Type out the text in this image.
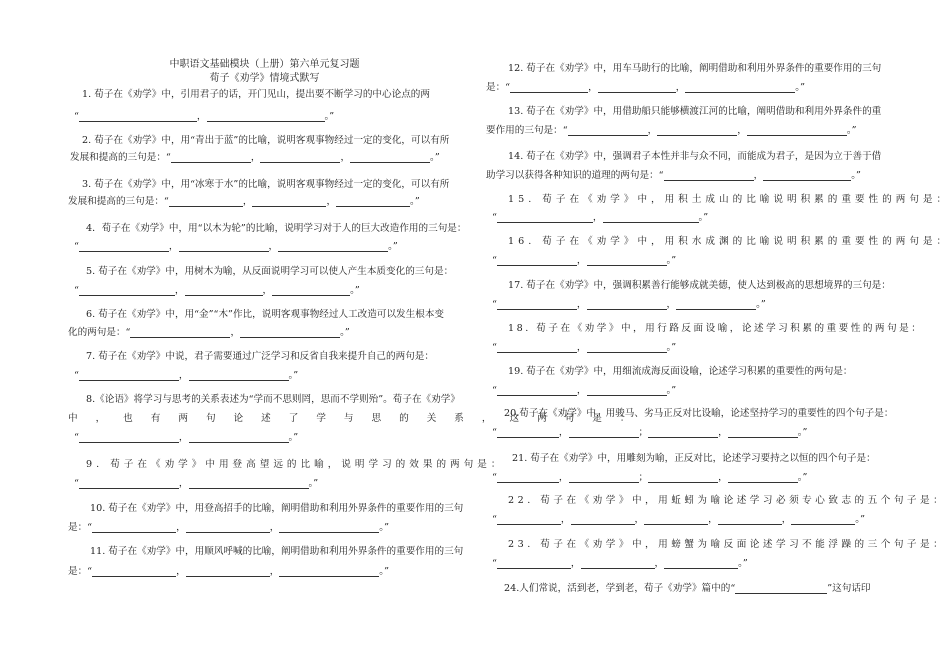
中职语文基础模块（上册）第六单元复习题
荀子《劝学》情境式默写
1. 荀子在《劝学》中，引用君子的话，开门见山，提出要不断学习的中心论点的两
“	，	。”
2. 荀子在《劝学》中，用“青出于蓝”的比喻，说明客观事物经过一定的变化，可以有所
发展和提高的三句是：“	，	，	。”
3. 荀子在《劝学》中，用“冰寒于水”的比喻，说明客观事物经过一定的变化，可以有所
发展和提高的三句是：“	，	，	。”
4．荀子在《劝学》中，用“以木为轮”的比喻，说明学习对于人的巨大改造作用的三句是：
“	，	，	。”
5. 荀子在《劝学》中，用树木为喻，从反面说明学习可以使人产生本质变化的三句是：
“	，	，	。”
6. 荀子在《劝学》中，用“金”“木”作比，说明客观事物经过人工改造可以发生根本变
化的两句是：“	，	。”
7. 荀子在《劝学》中说，君子需要通过广泛学习和反省自我来提升自己的两句是：
“	，	。”
8.《论语》将学习与思考的关系表述为“学而不思则罔，思而不学则殆”。荀子在《劝学》
中，也有两句论述了学与思的关系，这两句是：
“	，	。”
9. 荀子在《劝学》中用登高望远的比喻，说明学习的效果的两句是：
“	，	。”
10. 荀子在《劝学》中，用登高招手的比喻，阐明借助和利用外界条件的重要作用的三句
是：“	，	，	。”
11. 荀子在《劝学》中，用顺风呼喊的比喻，阐明借助和利用外界条件的重要作用的三句
是：“	，	，	。”
12. 荀子在《劝学》中，用车马助行的比喻，阐明借助和利用外界条件的重要作用的三句
是：“	，	，	。”
13. 荀子在《劝学》中，用借助船只能够横渡江河的比喻，阐明借助和利用外界条件的重
要作用的三句是：“	，	，	。”
14. 荀子在《劝学》中，强调君子本性并非与众不同，而能成为君子，是因为立于善于借
助学习以获得各种知识的道理的两句是：“	，	。”
15. 荀子在《劝学》中，用积土成山的比喻说明积累的重要性的两句是：
“	，	。”
16. 荀子在《劝学》中，用积水成渊的比喻说明积累的重要性的两句是：
“	，	。”
17. 荀子在《劝学》中，强调积累善行能够成就美德，使人达到极高的思想境界的三句是：
“	，	，	。”
18. 荀子在《劝学》中，用行路反面设喻，论述学习积累的重要性的两句是：
“	，	。”
19. 荀子在《劝学》中，用细流成海反面设喻，论述学习积累的重要性的两句是：
“	，	。”
20.荀子在《劝学》中，用骏马、劣马正反对比设喻，论述坚持学习的重要性的四个句子是：
“	，	；	，	。”
21. 荀子在《劝学》中，用雕刻为喻，正反对比，论述学习要持之以恒的四个句子是：
“	，	；	，	。”
22. 荀子在《劝学》中，用蚯蚓为喻论述学习必须专心致志的五个句子是：
“	，	，	，	，	。”
23. 荀子在《劝学》中，用螃蟹为喻反面论述学习不能浮躁的三个句子是：
“	，	，	。”
24.人们常说，活到老，学到老，荀子《劝学》篇中的“	”这句话印
